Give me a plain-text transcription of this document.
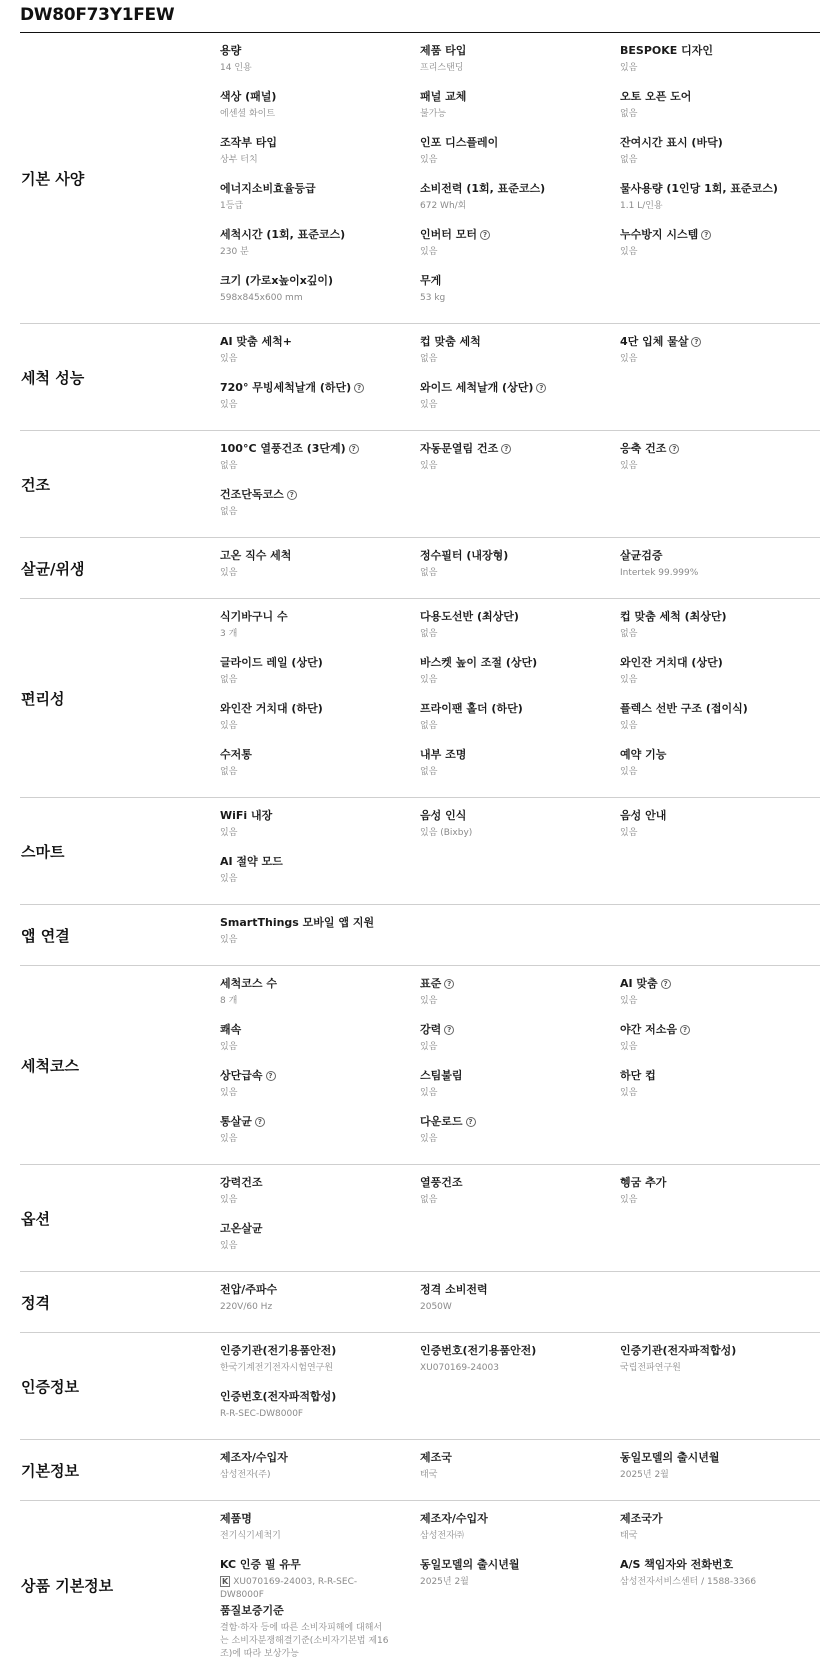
DW80F73Y1FEW
기본 사양
용량
14 인용
제품 타입
프리스탠딩
BESPOKE 디자인
있음
색상 (패널)
에센셜 화이트
패널 교체
불가능
오토 오픈 도어
없음
조작부 타입
상부 터치
인포 디스플레이
있음
잔여시간 표시 (바닥)
없음
에너지소비효율등급
1등급
소비전력 (1회, 표준코스)
672 Wh/회
물사용량 (1인당 1회, 표준코스)
1.1 L/인용
세척시간 (1회, 표준코스)
230 분
인버터 모터 ?
있음
누수방지 시스템 ?
있음
크기 (가로x높이x깊이)
598x845x600 mm
무게
53 kg
세척 성능
AI 맞춤 세척+
있음
컵 맞춤 세척
없음
4단 입체 물살 ?
있음
720° 무빙세척날개 (하단) ?
있음
와이드 세척날개 (상단) ?
있음
건조
100°C 열풍건조 (3단계) ?
없음
자동문열림 건조 ?
있음
응축 건조 ?
있음
건조단독코스 ?
없음
살균/위생
고온 직수 세척
있음
정수필터 (내장형)
없음
살균검증
Intertek 99.999%
편리성
식기바구니 수
3 개
다용도선반 (최상단)
없음
컵 맞춤 세척 (최상단)
없음
글라이드 레일 (상단)
없음
바스켓 높이 조절 (상단)
있음
와인잔 거치대 (상단)
있음
와인잔 거치대 (하단)
있음
프라이팬 홀더 (하단)
없음
플렉스 선반 구조 (접이식)
있음
수저통
없음
내부 조명
없음
예약 기능
있음
스마트
WiFi 내장
있음
음성 인식
있음 (Bixby)
음성 안내
있음
AI 절약 모드
있음
앱 연결
SmartThings 모바일 앱 지원
있음
세척코스
세척코스 수
8 개
표준 ?
있음
AI 맞춤 ?
있음
쾌속
있음
강력 ?
있음
야간 저소음 ?
있음
상단급속 ?
있음
스팀불림
있음
하단 컵
있음
통살균 ?
있음
다운로드 ?
있음
옵션
강력건조
있음
열풍건조
없음
헹굼 추가
있음
고온살균
있음
정격
전압/주파수
220V/60 Hz
정격 소비전력
2050W
인증정보
인증기관(전기용품안전)
한국기계전기전자시험연구원
인증번호(전기용품안전)
XU070169-24003
인증기관(전자파적합성)
국립전파연구원
인증번호(전자파적합성)
R-R-SEC-DW8000F
기본정보
제조자/수입자
삼성전자(주)
제조국
태국
동일모델의 출시년월
2025년 2월
상품 기본정보
제품명
전기식기세척기
제조자/수입자
삼성전자㈜
제조국가
태국
KC 인증 필 유무
K XU070169-24003, R-R-SEC-DW8000F
동일모델의 출시년월
2025년 2월
A/S 책임자와 전화번호
삼성전자서비스센터 / 1588-3366
품질보증기준
결함·하자 등에 따른 소비자피해에 대해서는 소비자분쟁해결기준(소비자기본법 제16조)에 따라 보상가능
